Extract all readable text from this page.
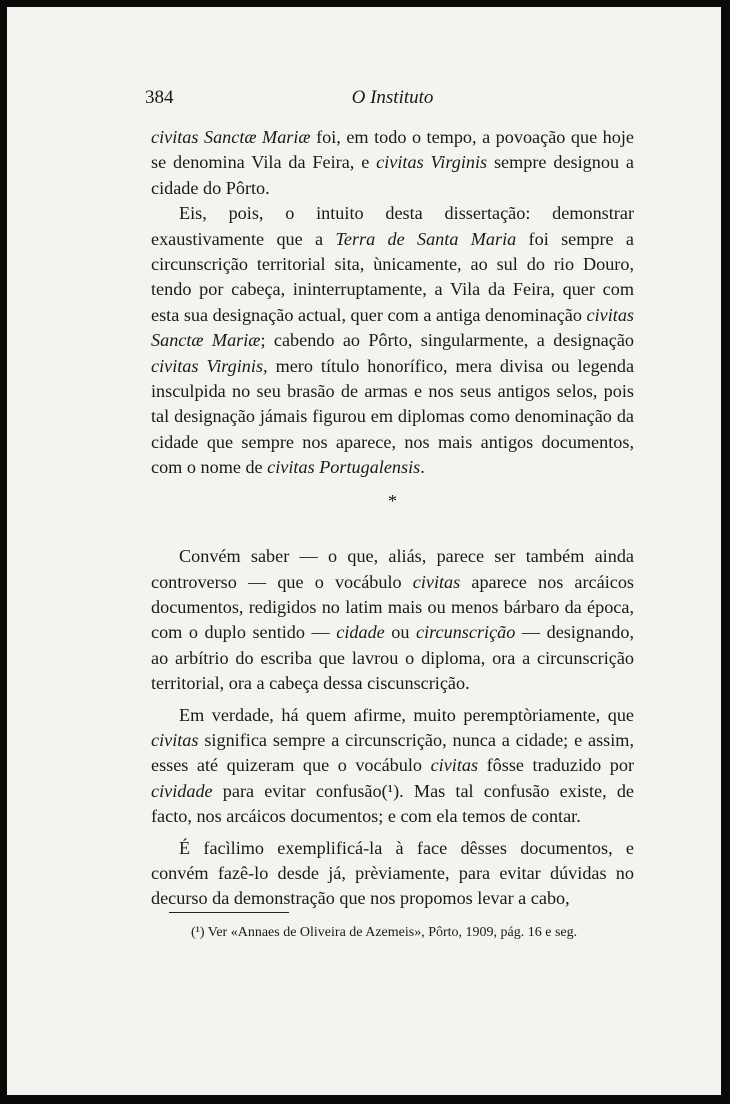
384	O Instituto

civitas Sanctæ Mariæ foi, em todo o tempo, a povoação que hoje se denomina Vila da Feira, e civitas Virginis sempre designou a cidade do Pôrto.

Eis, pois, o intuito desta dissertação: demonstrar exaustivamente que a Terra de Santa Maria foi sempre a circunscrição territorial sita, ùnicamente, ao sul do rio Douro, tendo por cabeça, ininterruptamente, a Vila da Feira, quer com esta sua designação actual, quer com a antiga denominação civitas Sanctæ Mariæ; cabendo ao Pôrto, singularmente, a designação civitas Virginis, mero título honorífico, mera divisa ou legenda insculpida no seu brasão de armas e nos seus antigos selos, pois tal designação jámais figurou em diplomas como denominação da cidade que sempre nos aparece, nos mais antigos documentos, com o nome de civitas Portugalensis.

*

Convém saber — o que, aliás, parece ser também ainda controverso — que o vocábulo civitas aparece nos arcáicos documentos, redigidos no latim mais ou menos bárbaro da época, com o duplo sentido — cidade ou circunscrição — designando, ao arbítrio do escriba que lavrou o diploma, ora a circunscrição territorial, ora a cabeça dessa ciscunscrição.

Em verdade, há quem afirme, muito peremptòriamente, que civitas significa sempre a circunscrição, nunca a cidade; e assim, esses até quizeram que o vocábulo civitas fôsse traduzido por cividade para evitar confusão(¹). Mas tal confusão existe, de facto, nos arcáicos documentos; e com ela temos de contar.

É facìlimo exemplificá-la à face dêsses documentos, e convém fazê-lo desde já, prèviamente, para evitar dúvidas no decurso da demonstração que nos propomos levar a cabo,

(¹) Ver «Annaes de Oliveira de Azemeis», Pôrto, 1909, pág. 16 e seg.
